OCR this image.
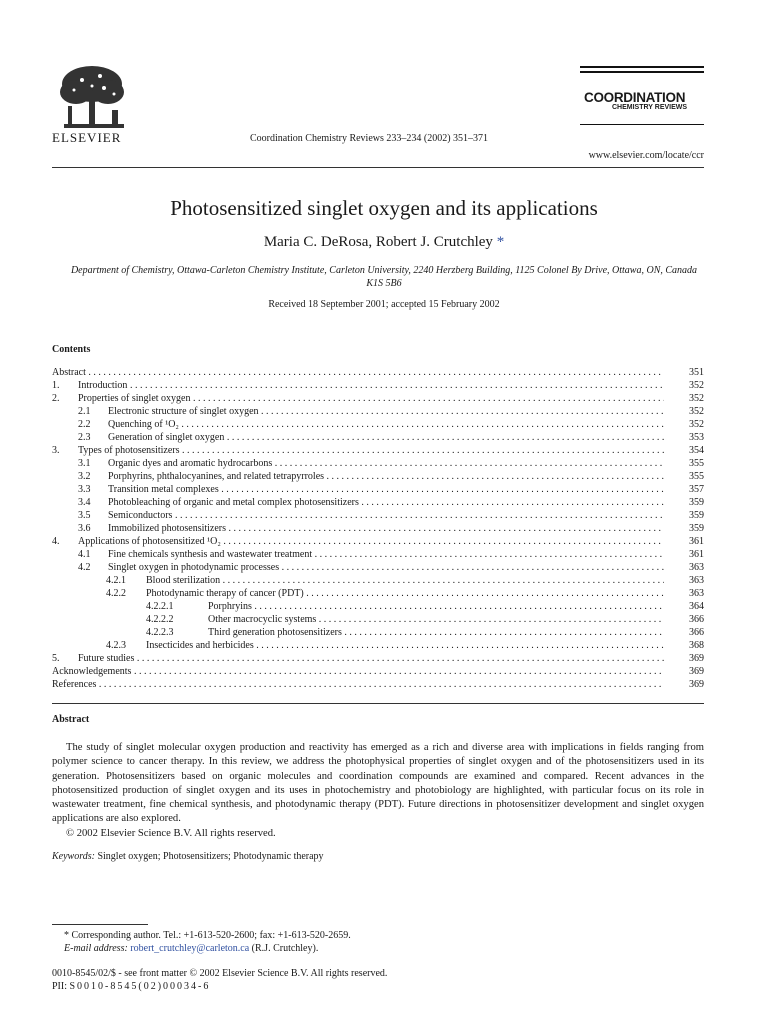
ELSEVIER	Coordination Chemistry Reviews 233–234 (2002) 351–371
COORDINATION
CHEMISTRY REVIEWS
www.elsevier.com/locate/ccr
Photosensitized singlet oxygen and its applications
Maria C. DeRosa, Robert J. Crutchley *
Department of Chemistry, Ottawa-Carleton Chemistry Institute, Carleton University, 2240 Herzberg Building, 1125 Colonel By Drive, Ottawa, ON, Canada K1S 5B6
Received 18 September 2001; accepted 15 February 2002
Contents
Abstract . . .	351
1. Introduction . . .	352
2. Properties of singlet oxygen . . .	352
2.1 Electronic structure of singlet oxygen . . .	352
2.2 Quenching of ¹O₂ . . .	352
2.3 Generation of singlet oxygen . . .	353
3. Types of photosensitizers . . .	354
3.1 Organic dyes and aromatic hydrocarbons . . .	355
3.2 Porphyrins, phthalocyanines, and related tetrapyrroles . . .	355
3.3 Transition metal complexes . . .	357
3.4 Photobleaching of organic and metal complex photosensitizers . . .	359
3.5 Semiconductors . . .	359
3.6 Immobilized photosensitizers . . .	359
4. Applications of photosensitized ¹O₂ . . .	361
4.1 Fine chemicals synthesis and wastewater treatment . . .	361
4.2 Singlet oxygen in photodynamic processes . . .	363
4.2.1 Blood sterilization . . .	363
4.2.2 Photodynamic therapy of cancer (PDT) . . .	363
4.2.2.1	Porphryins . . .	364
4.2.2.2	Other macrocyclic systems . . .	366
4.2.2.3	Third generation photosensitizers . . .	366
4.2.3 Insecticides and herbicides . . .	368
5. Future studies . . .	369
Acknowledgements . . .	369
References . . .	369
Abstract

The study of singlet molecular oxygen production and reactivity has emerged as a rich and diverse area with implications in fields ranging from polymer science to cancer therapy. In this review, we address the photophysical properties of singlet oxygen and of the photosensitizers used in its generation. Photosensitizers based on organic molecules and coordination compounds are examined and compared. Recent advances in the photosensitized production of singlet oxygen and its uses in photochemistry and photobiology are highlighted, with particular focus on its role in wastewater treatment, fine chemical synthesis, and photodynamic therapy (PDT). Future directions in photosensitizer development and singlet oxygen applications are also explored.

© 2002 Elsevier Science B.V. All rights reserved.

Keywords: Singlet oxygen; Photosensitizers; Photodynamic therapy
* Corresponding author. Tel.: +1-613-520-2600; fax: +1-613-520-2659.
E-mail address: robert_crutchley@carleton.ca (R.J. Crutchley).
0010-8545/02/$ - see front matter © 2002 Elsevier Science B.V. All rights reserved.
PII: S0010-8545(02)00034-6
